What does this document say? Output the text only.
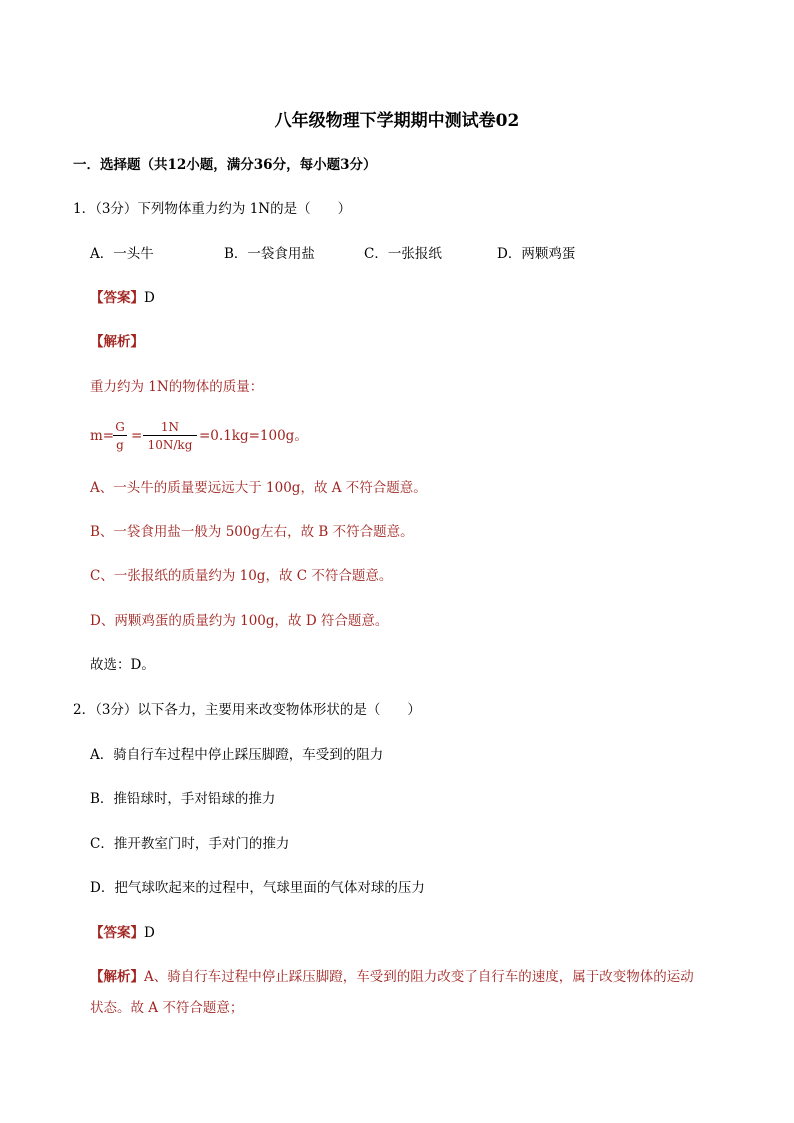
八年级物理下学期期中测试卷02
一．选择题（共12小题，满分36分，每小题3分）
1．（3分）下列物体重力约为 1N的是（　　）
A．一头牛	B．一袋食用盐	C．一张报纸	D．两颗鸡蛋
【答案】D
【解析】
重力约为 1N的物体的质量：
m=
$\frac{G}{g} = \frac{1N}{10N/kg} =0.1kg=100g$。
A、一头牛的质量要远远大于 100g，故 A 不符合题意。
B、一袋食用盐一般为 500g左右，故 B 不符合题意。
C、一张报纸的质量约为 10g，故 C 不符合题意。
D、两颗鸡蛋的质量约为 100g，故 D 符合题意。
故选：D。
2．（3分）以下各力，主要用来改变物体形状的是（　　）
A．骑自行车过程中停止踩压脚蹬，车受到的阻力
B．推铅球时，手对铅球的推力
C．推开教室门时，手对门的推力
D．把气球吹起来的过程中，气球里面的气体对球的压力
【答案】D
【解析】A、骑自行车过程中停止踩压脚蹬，车受到的阻力改变了自行车的速度，属于改变物体的运动
状态。故 A 不符合题意；
